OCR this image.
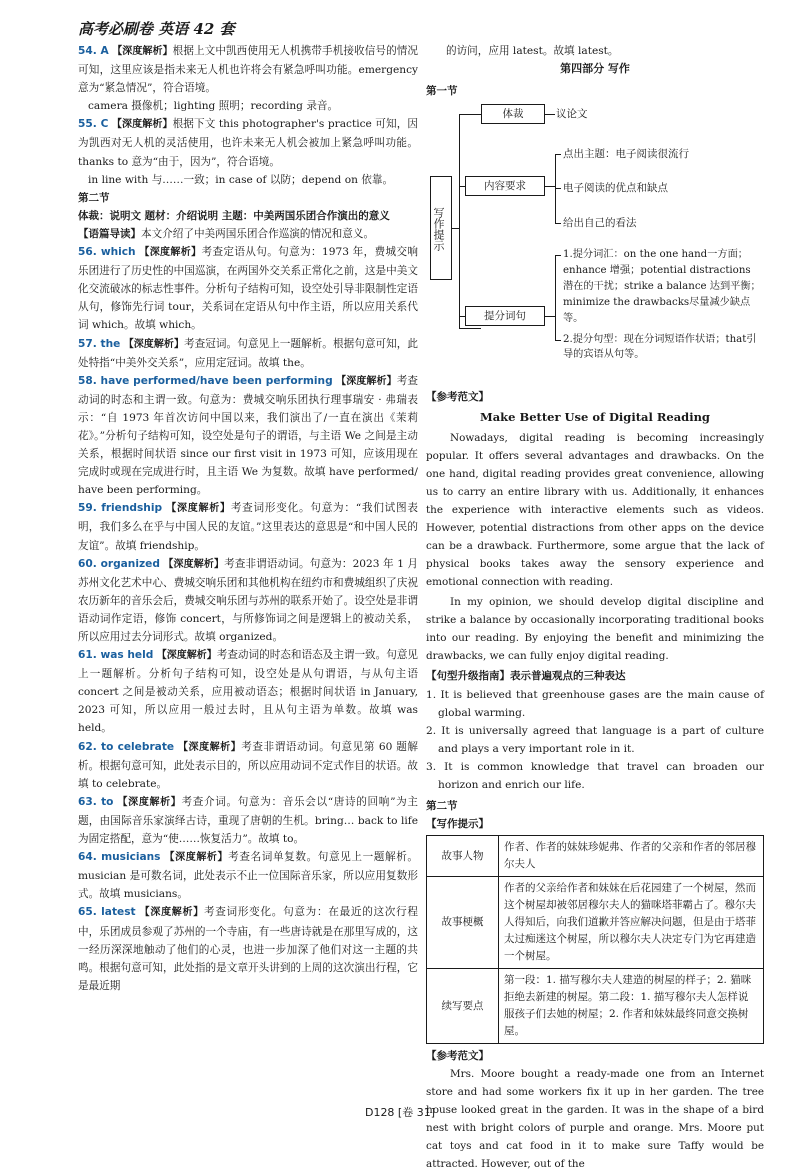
高考必刷卷 英语 42 套
54. A 【深度解析】根据上文中凯西使用无人机携带手机接收信号的情况可知，这里应该是指未来无人机也许将会有紧急呼叫功能。emergency 意为“紧急情况”，符合语境。
camera 摄像机；lighting 照明；recording 录音。
55. C 【深度解析】根据下文 this photographer's practice 可知，因为凯西对无人机的灵活使用，也许未来无人机会被加上紧急呼叫功能。thanks to 意为“由于，因为”，符合语境。
in line with 与……一致；in case of 以防；depend on 依靠。
第二节
体裁：说明文 题材：介绍说明 主题：中美两国乐团合作演出的意义
【语篇导读】本文介绍了中美两国乐团合作巡演的情况和意义。
56. which 【深度解析】考查定语从句。句意为：1973 年，费城交响乐团进行了历史性的中国巡演，在两国外交关系正常化之前，这是中美文化交流破冰的标志性事件。分析句子结构可知，设空处引导非限制性定语从句，修饰先行词 tour，关系词在定语从句中作主语，所以应用关系代词 which。故填 which。
57. the 【深度解析】考查冠词。句意见上一题解析。根据句意可知，此处特指“中美外交关系”，应用定冠词。故填 the。
58. have performed/have been performing 【深度解析】考查动词的时态和主谓一致。句意为：费城交响乐团执行理事瑞安 · 弗瑞表示：“自 1973 年首次访问中国以来，我们演出了/一直在演出《茉莉花》。”分析句子结构可知，设空处是句子的谓语，与主语 We 之间是主动关系，根据时间状语 since our first visit in 1973 可知，应该用现在完成时或现在完成进行时，且主语 We 为复数。故填 have performed/ have been performing。
59. friendship 【深度解析】考查词形变化。句意为：“我们试图表明，我们多么在乎与中国人民的友谊。”这里表达的意思是“和中国人民的友谊”。故填 friendship。
60. organized 【深度解析】考查非谓语动词。句意为：2023 年 1 月苏州文化艺术中心、费城交响乐团和其他机构在纽约市和费城组织了庆祝农历新年的音乐会后，费城交响乐团与苏州的联系开始了。设空处是非谓语动词作定语，修饰 concert，与所修饰词之间是逻辑上的被动关系，所以应用过去分词形式。故填 organized。
61. was held 【深度解析】考查动词的时态和语态及主谓一致。句意见上一题解析。分析句子结构可知，设空处是从句谓语，与从句主语 concert 之间是被动关系，应用被动语态；根据时间状语 in January, 2023 可知，所以应用一般过去时，且从句主语为单数。故填 was held。
62. to celebrate 【深度解析】考查非谓语动词。句意见第 60 题解析。根据句意可知，此处表示目的，所以应用动词不定式作目的状语。故填 to celebrate。
63. to 【深度解析】考查介词。句意为：音乐会以“唐诗的回响”为主题，由国际音乐家演绎古诗，重现了唐朝的生机。bring… back to life 为固定搭配，意为“使……恢复活力”。故填 to。
64. musicians 【深度解析】考查名词单复数。句意见上一题解析。musician 是可数名词，此处表示不止一位国际音乐家，所以应用复数形式。故填 musicians。
65. latest 【深度解析】考查词形变化。句意为：在最近的这次行程中，乐团成员参观了苏州的一个寺庙，有一些唐诗就是在那里写成的，这一经历深深地触动了他们的心灵，也进一步加深了他们对这一主题的共鸣。根据句意可知，此处指的是文章开头讲到的上周的这次演出行程，它是最近期
的访问，应用 latest。故填 latest。
第四部分 写作
第一节
写作提示
体裁	议论文
内容要求
点出主题：电子阅读很流行
电子阅读的优点和缺点
给出自己的看法
提分词句
1.提分词汇：on the one hand一方面；enhance 增强；potential distractions 潜在的干扰；strike a balance 达到平衡；minimize the drawbacks尽量减少缺点等。
2.提分句型：现在分词短语作状语；that引导的宾语从句等。
【参考范文】
Make Better Use of Digital Reading
Nowadays, digital reading is becoming increasingly popular. It offers several advantages and drawbacks. On the one hand, digital reading provides great convenience, allowing us to carry an entire library with us. Additionally, it enhances the experience with interactive elements such as videos. However, potential distractions from other apps on the device can be a drawback. Furthermore, some argue that the lack of physical books takes away the sensory experience and emotional connection with reading.
In my opinion, we should develop digital discipline and strike a balance by occasionally incorporating traditional books into our reading. By enjoying the benefit and minimizing the drawbacks, we can fully enjoy digital reading.
【句型升级指南】表示普遍观点的三种表达
1. It is believed that greenhouse gases are the main cause of global warming.
2. It is universally agreed that language is a part of culture and plays a very important role in it.
3. It is common knowledge that travel can broaden our horizon and enrich our life.
第二节
【写作提示】
故事人物	作者、作者的妹妹珍妮弗、作者的父亲和作者的邻居穆尔夫人
故事梗概	作者的父亲给作者和妹妹在后花园建了一个树屋，然而这个树屋却被邻居穆尔夫人的猫咪塔菲霸占了。穆尔夫人得知后，向我们道歉并答应解决问题，但是由于塔菲太过痴迷这个树屋，所以穆尔夫人决定专门为它再建造一个树屋。
续写要点	第一段：1. 描写穆尔夫人建造的树屋的样子；2. 猫咪拒绝去新建的树屋。第二段：1. 描写穆尔夫人怎样说服孩子们去她的树屋；2. 作者和妹妹最终同意交换树屋。
【参考范文】
Mrs. Moore bought a ready-made one from an Internet store and had some workers fix it up in her garden. The tree house looked great in the garden. It was in the shape of a bird nest with bright colors of purple and orange. Mrs. Moore put cat toys and cat food in it to make sure Taffy would be attracted. However, out of the
D128 [卷 31]
